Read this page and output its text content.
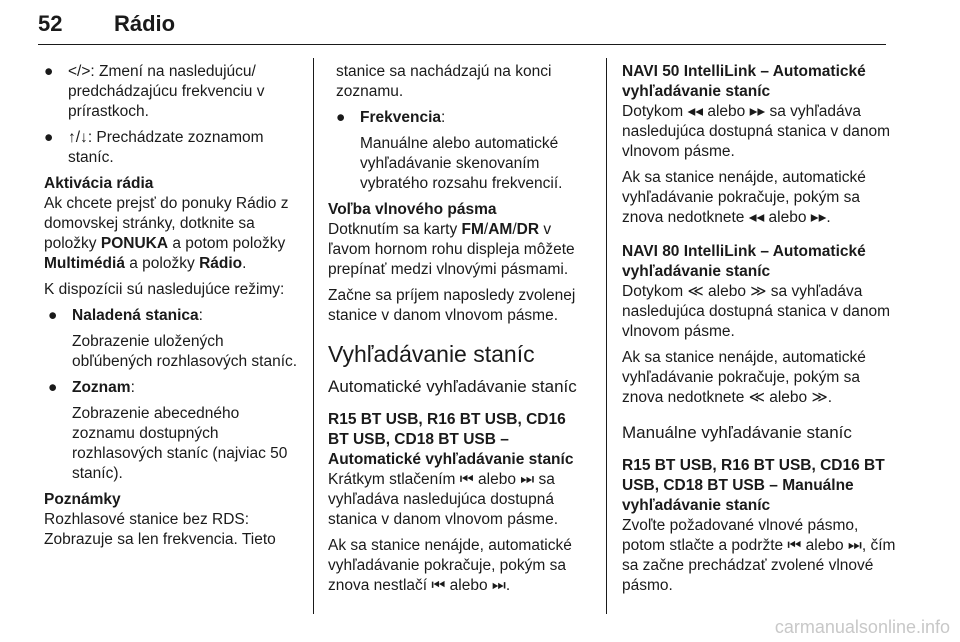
52 Rádio
● </>: Zmení na nasledujúcu/ predchádzajúcu frekvenciu v prírastkoch.
● ↑/↓: Prechádzate zoznamom staníc.

Aktivácia rádia

Ak chcete prejsť do ponuky Rádio z domovskej stránky, dotknite sa položky PONUKA a potom položky Multimédiá a položky Rádio.

K dispozícii sú nasledujúce režimy:

● Naladená stanica:

Zobrazenie uložených obľúbených rozhlasových staníc.

● Zoznam:

Zobrazenie abecedného zoznamu dostupných rozhlasových staníc (najviac 50 staníc).

Poznámky

Rozhlasové stanice bez RDS: Zobrazuje sa len frekvencia. Tieto

stanice sa nachádzajú na konci zoznamu.

● Frekvencia:

Manuálne alebo automatické vyhľadávanie skenovaním vybratého rozsahu frekvencií.

Voľba vlnového pásma

Dotknutím sa karty FM/AM/DR v ľavom hornom rohu displeja môžete prepínať medzi vlnovými pásmami.

Začne sa príjem naposledy zvolenej stanice v danom vlnovom pásme.

Vyhľadávanie staníc

Automatické vyhľadávanie staníc

R15 BT USB, R16 BT USB, CD16 BT USB, CD18 BT USB – Automatické vyhľadávanie staníc

Krátkym stlačením ⏮ alebo ⏭ sa vyhľadáva nasledujúca dostupná stanica v danom vlnovom pásme.

Ak sa stanice nenájde, automatické vyhľadávanie pokračuje, pokým sa znova nestlačí ⏮ alebo ⏭.

NAVI 50 IntelliLink – Automatické vyhľadávanie staníc

Dotykom ◂◂ alebo ▸▸ sa vyhľadáva nasledujúca dostupná stanica v danom vlnovom pásme.

Ak sa stanice nenájde, automatické vyhľadávanie pokračuje, pokým sa znova nedotknete ◂◂ alebo ▸▸.

NAVI 80 IntelliLink – Automatické vyhľadávanie staníc

Dotykom ≪ alebo ≫ sa vyhľadáva nasledujúca dostupná stanica v danom vlnovom pásme.

Ak sa stanice nenájde, automatické vyhľadávanie pokračuje, pokým sa znova nedotknete ≪ alebo ≫.

Manuálne vyhľadávanie staníc

R15 BT USB, R16 BT USB, CD16 BT USB, CD18 BT USB – Manuálne vyhľadávanie staníc

Zvoľte požadované vlnové pásmo, potom stlačte a podržte ⏮ alebo ⏭, čím sa začne prechádzať zvolené vlnové pásmo.

carmanualsonline.info
